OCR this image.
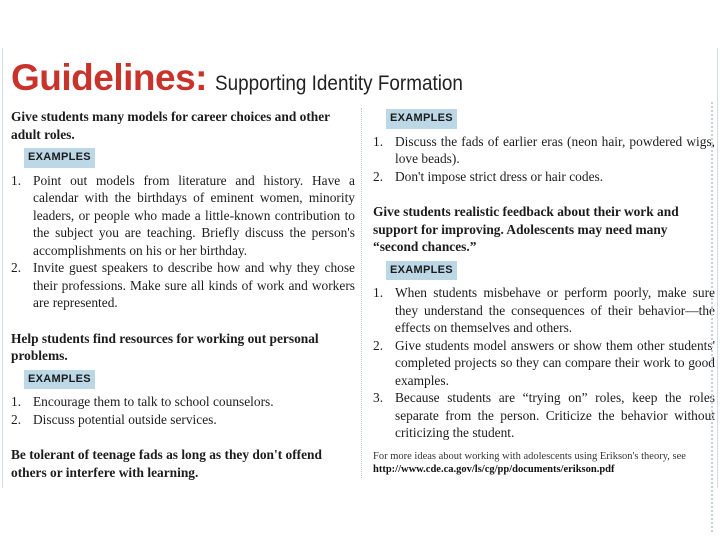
Guidelines: Supporting Identity Formation

Give students many models for career choices and other adult roles.

EXAMPLES
1. Point out models from literature and history. Have a calendar with the birthdays of eminent women, minority leaders, or people who made a little-known contribution to the subject you are teaching. Briefly discuss the person's accomplishments on his or her birthday.
2. Invite guest speakers to describe how and why they chose their professions. Make sure all kinds of work and workers are represented.

Help students find resources for working out personal problems.

EXAMPLES
1. Encourage them to talk to school counselors.
2. Discuss potential outside services.

Be tolerant of teenage fads as long as they don't offend others or interfere with learning.

EXAMPLES
1. Discuss the fads of earlier eras (neon hair, powdered wigs, love beads).
2. Don't impose strict dress or hair codes.

Give students realistic feedback about their work and support for improving. Adolescents may need many “second chances.”

EXAMPLES
1. When students misbehave or perform poorly, make sure they understand the consequences of their behavior—the effects on themselves and others.
2. Give students model answers or show them other students' completed projects so they can compare their work to good examples.
3. Because students are “trying on” roles, keep the roles separate from the person. Criticize the behavior without criticizing the student.
For more ideas about working with adolescents using Erikson's theory, see http://www.cde.ca.gov/ls/cg/pp/documents/erikson.pdf
